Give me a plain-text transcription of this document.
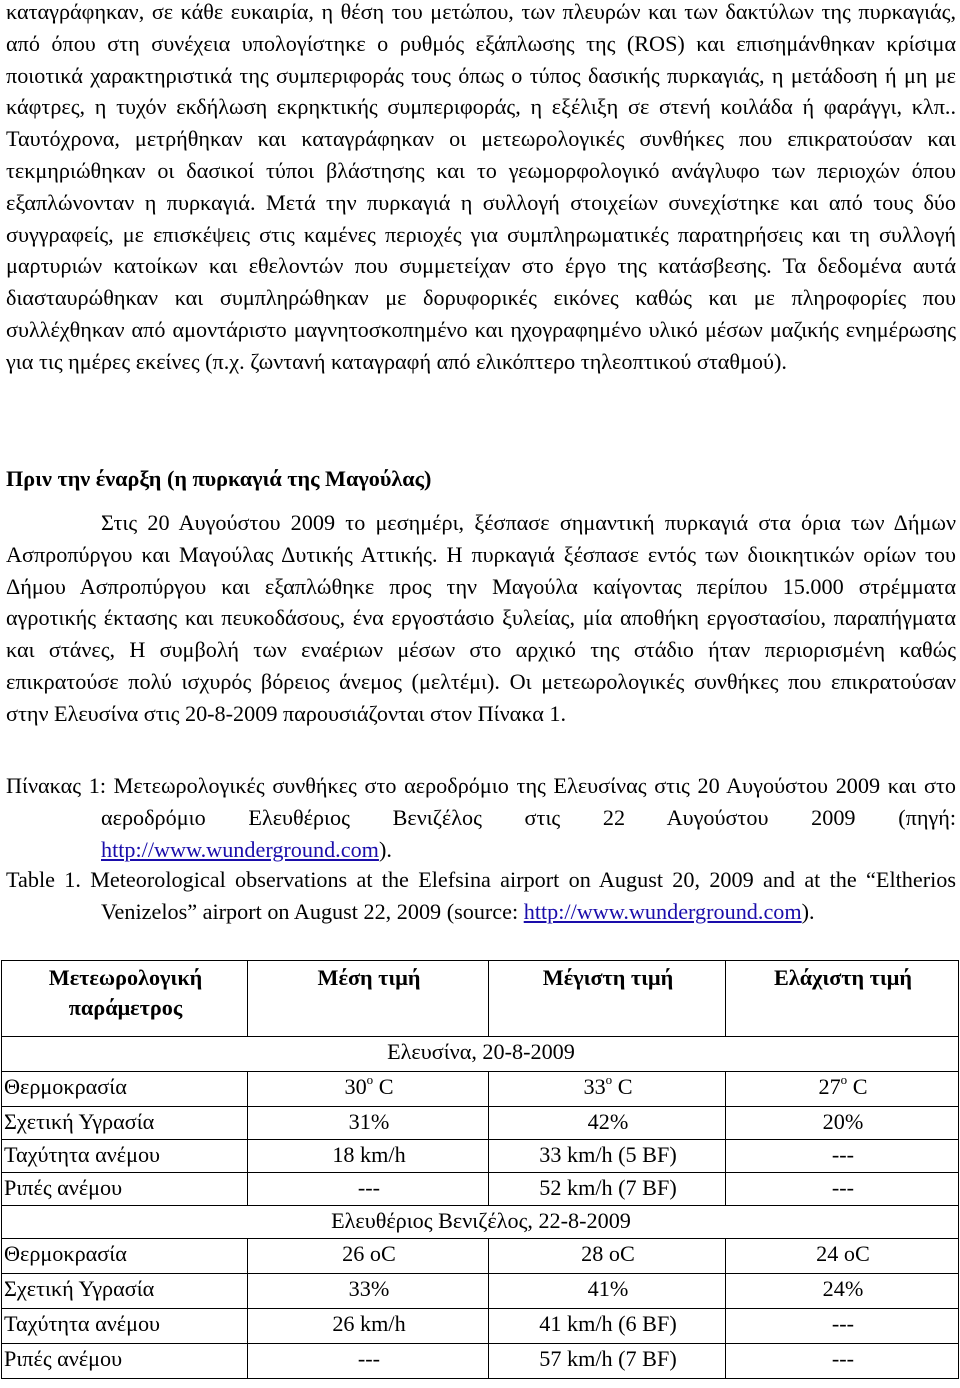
καταγράφηκαν, σε κάθε ευκαιρία, η θέση του μετώπου, των πλευρών και των δακτύλων της πυρκαγιάς, από όπου στη συνέχεια υπολογίστηκε ο ρυθμός εξάπλωσης της (ROS) και επισημάνθηκαν κρίσιμα ποιοτικά χαρακτηριστικά της συμπεριφοράς τους όπως ο τύπος δασικής πυρκαγιάς, η μετάδοση ή μη με κάφτρες, η τυχόν εκδήλωση εκρηκτικής συμπεριφοράς, η εξέλιξη σε στενή κοιλάδα ή φαράγγι, κλπ.. Ταυτόχρονα, μετρήθηκαν και καταγράφηκαν οι μετεωρολογικές συνθήκες που επικρατούσαν και τεκμηριώθηκαν οι δασικοί τύποι βλάστησης και το γεωμορφολογικό ανάγλυφο των περιοχών όπου εξαπλώνονταν η πυρκαγιά. Μετά την πυρκαγιά η συλλογή στοιχείων συνεχίστηκε και από τους δύο συγγραφείς, με επισκέψεις στις καμένες περιοχές για συμπληρωματικές παρατηρήσεις και τη συλλογή μαρτυριών κατοίκων και εθελοντών που συμμετείχαν στο έργο της κατάσβεσης. Τα δεδομένα αυτά διασταυρώθηκαν και συμπληρώθηκαν με δορυφορικές εικόνες καθώς και με πληροφορίες που συλλέχθηκαν από αμοντάριστο μαγνητοσκοπημένο και ηχογραφημένο υλικό μέσων μαζικής ενημέρωσης για τις ημέρες εκείνες (π.χ. ζωντανή καταγραφή από ελικόπτερο τηλεοπτικού σταθμού).

Πριν την έναρξη (η πυρκαγιά της Μαγούλας)

Στις 20 Αυγούστου 2009 το μεσημέρι, ξέσπασε σημαντική πυρκαγιά στα όρια των Δήμων Ασπροπύργου και Μαγούλας Δυτικής Αττικής. Η πυρκαγιά ξέσπασε εντός των διοικητικών ορίων του Δήμου Ασπροπύργου και εξαπλώθηκε προς την Μαγούλα καίγοντας περίπου 15.000 στρέμματα αγροτικής έκτασης και πευκοδάσους, ένα εργοστάσιο ξυλείας, μία αποθήκη εργοστασίου, παραπήγματα και στάνες, Η συμβολή των εναέριων μέσων στο αρχικό της στάδιο ήταν περιορισμένη καθώς επικρατούσε πολύ ισχυρός βόρειος άνεμος (μελτέμι). Οι μετεωρολογικές συνθήκες που επικρατούσαν στην Ελευσίνα στις 20-8-2009 παρουσιάζονται στον Πίνακα 1.

Πίνακας 1: Μετεωρολογικές συνθήκες στο αεροδρόμιο της Ελευσίνας στις 20 Αυγούστου 2009 και στο αεροδρόμιο Ελευθέριος Βενιζέλος στις 22 Αυγούστου 2009 (πηγή: http://www.wunderground.com).

Table 1. Meteorological observations at the Elefsina airport on August 20, 2009 and at the “Eltherios Venizelos” airport on August 22, 2009 (source: http://www.wunderground.com).

Μετεωρολογική παράμετρος	Μέση τιμή	Μέγιστη τιμή	Ελάχιστη τιμή
Ελευσίνα, 20-8-2009			
Θερμοκρασία	30$^o$ C	33$^o$ C	27$^o$ C
Σχετική Υγρασία	31%	42%	20%
Ταχύτητα ανέμου	18 km/h	33 km/h (5 BF)	---
Ριπές ανέμου	---	52 km/h (7 BF)	---
Ελευθέριος Βενιζέλος, 22-8-2009			
Θερμοκρασία	26 oC	28 oC	24 oC
Σχετική Υγρασία	33%	41%	24%
Ταχύτητα ανέμου	26 km/h	41 km/h (6 BF)	---
Ριπές ανέμου	---	57 km/h (7 BF)	---
